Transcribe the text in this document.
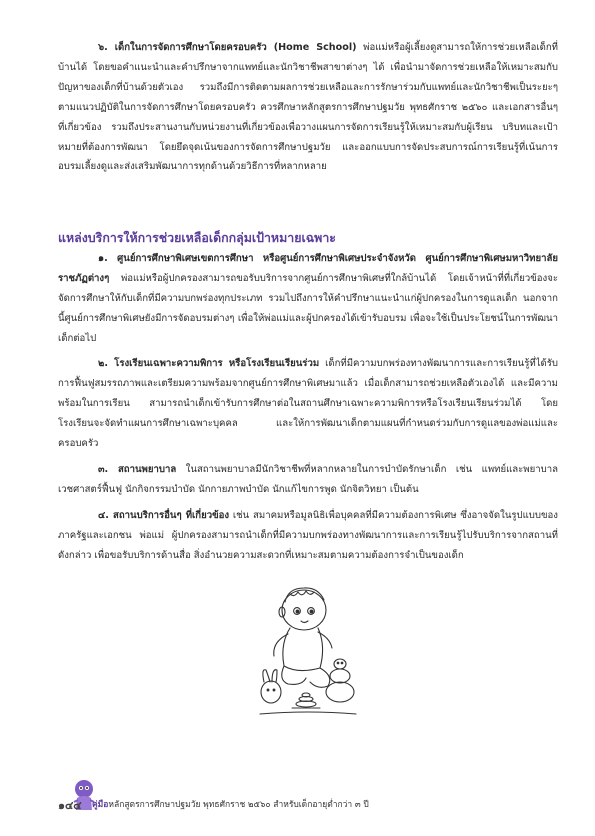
๖. เด็กในการจัดการศึกษาโดยครอบครัว (Home School) พ่อแม่หรือผู้เลี้ยงดูสามารถให้การช่วยเหลือเด็กที่บ้านได้ โดยขอคำแนะนำและคำปรึกษาจากแพทย์และนักวิชาชีพสาขาต่างๆ ได้ เพื่อนำมาจัดการช่วยเหลือให้เหมาะสมกับปัญหาของเด็กที่บ้านด้วยตัวเอง รวมถึงมีการติดตามผลการช่วยเหลือและการรักษาร่วมกับแพทย์และนักวิชาชีพเป็นระยะๆ ตามแนวปฏิบัติในการจัดการศึกษาโดยครอบครัว ควรศึกษาหลักสูตรการศึกษาปฐมวัย พุทธศักราช ๒๕๖๐ และเอกสารอื่นๆ ที่เกี่ยวข้อง รวมถึงประสานงานกับหน่วยงานที่เกี่ยวข้องเพื่อวางแผนการจัดการเรียนรู้ให้เหมาะสมกับผู้เรียน บริบทและเป้าหมายที่ต้องการพัฒนา โดยยึดจุดเน้นของการจัดการศึกษาปฐมวัย และออกแบบการจัดประสบการณ์การเรียนรู้ที่เน้นการอบรมเลี้ยงดูและส่งเสริมพัฒนาการทุกด้านด้วยวิธีการที่หลากหลาย

แหล่งบริการให้การช่วยเหลือเด็กกลุ่มเป้าหมายเฉพาะ

๑. ศูนย์การศึกษาพิเศษเขตการศึกษา หรือศูนย์การศึกษาพิเศษประจำจังหวัด ศูนย์การศึกษาพิเศษมหาวิทยาลัยราชภัฏต่างๆ พ่อแม่หรือผู้ปกครองสามารถขอรับบริการจากศูนย์การศึกษาพิเศษที่ใกล้บ้านได้ โดยเจ้าหน้าที่ที่เกี่ยวข้องจะจัดการศึกษาให้กับเด็กที่มีความบกพร่องทุกประเภท รวมไปถึงการให้คำปรึกษาแนะนำแก่ผู้ปกครองในการดูแลเด็ก นอกจากนี้ศูนย์การศึกษาพิเศษยังมีการจัดอบรมต่างๆ เพื่อให้พ่อแม่และผู้ปกครองได้เข้ารับอบรม เพื่อจะใช้เป็นประโยชน์ในการพัฒนาเด็กต่อไป

๒. โรงเรียนเฉพาะความพิการ หรือโรงเรียนเรียนร่วม เด็กที่มีความบกพร่องทางพัฒนาการและการเรียนรู้ที่ได้รับการฟื้นฟูสมรรถภาพและเตรียมความพร้อมจากศูนย์การศึกษาพิเศษมาแล้ว เมื่อเด็กสามารถช่วยเหลือตัวเองได้ และมีความพร้อมในการเรียน สามารถนำเด็กเข้ารับการศึกษาต่อในสถานศึกษาเฉพาะความพิการหรือโรงเรียนเรียนร่วมได้ โดยโรงเรียนจะจัดทำแผนการศึกษาเฉพาะบุคคล และให้การพัฒนาเด็กตามแผนที่กำหนดร่วมกับการดูแลของพ่อแม่และครอบครัว

๓. สถานพยาบาล ในสถานพยาบาลมีนักวิชาชีพที่หลากหลายในการบำบัดรักษาเด็ก เช่น แพทย์และพยาบาลเวชศาสตร์ฟื้นฟู นักกิจกรรมบำบัด นักกายภาพบำบัด นักแก้ไขการพูด นักจิตวิทยา เป็นต้น

๔. สถานบริการอื่นๆ ที่เกี่ยวข้อง เช่น สมาคมหรือมูลนิธิเพื่อบุคคลที่มีความต้องการพิเศษ ซึ่งอาจจัดในรูปแบบของภาครัฐและเอกชน พ่อแม่ ผู้ปกครองสามารถนำเด็กที่มีความบกพร่องทางพัฒนาการและการเรียนรู้ไปรับบริการจากสถานที่ดังกล่าว เพื่อขอรับบริการด้านสื่อ สิ่งอำนวยความสะดวกที่เหมาะสมตามความต้องการจำเป็นของเด็ก

๑๔๔ คู่มือหลักสูตรการศึกษาปฐมวัย พุทธศักราช ๒๕๖๐ สำหรับเด็กอายุต่ำกว่า ๓ ปี
